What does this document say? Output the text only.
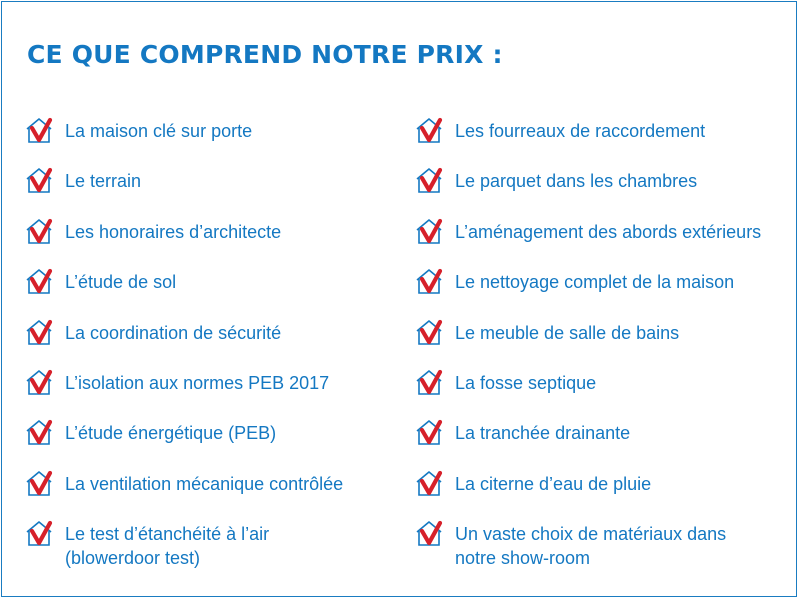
CE QUE COMPREND NOTRE PRIX :
La maison clé sur porte
Le terrain
Les honoraires d’architecte
L’étude de sol
La coordination de sécurité
L’isolation aux normes PEB 2017
L’étude énergétique (PEB)
La ventilation mécanique contrôlée
Le test d’étanchéité à l’air
(blowerdoor test)
Les fourreaux de raccordement
Le parquet dans les chambres
L’aménagement des abords extérieurs
Le nettoyage complet de la maison
Le meuble de salle de bains
La fosse septique
La tranchée drainante
La citerne d’eau de pluie
Un vaste choix de matériaux dans
notre show-room
